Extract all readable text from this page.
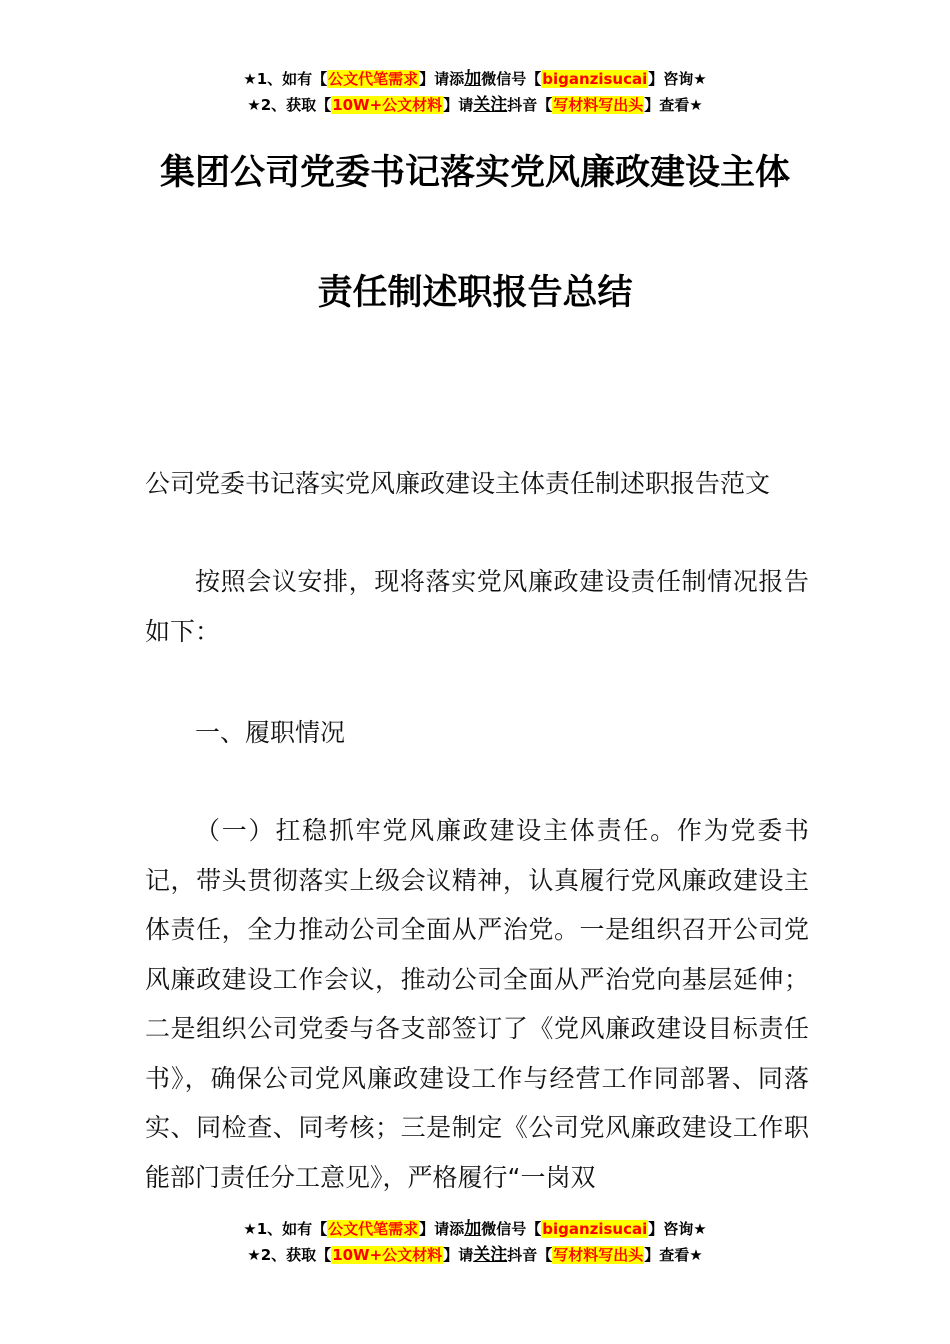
★1、如有【公文代笔需求】请添加微信号【biganzisucai】咨询★
★2、获取【10W+公文材料】请关注抖音【写材料写出头】查看★
集团公司党委书记落实党风廉政建设主体
责任制述职报告总结
公司党委书记落实党风廉政建设主体责任制述职报告范文
按照会议安排，现将落实党风廉政建设责任制情况报告如下：
一、履职情况
（一）扛稳抓牢党风廉政建设主体责任。作为党委书记，带头贯彻落实上级会议精神，认真履行党风廉政建设主体责任，全力推动公司全面从严治党。一是组织召开公司党风廉政建设工作会议，推动公司全面从严治党向基层延伸；二是组织公司党委与各支部签订了《党风廉政建设目标责任书》，确保公司党风廉政建设工作与经营工作同部署、同落实、同检查、同考核；三是制定《公司党风廉政建设工作职能部门责任分工意见》，严格履行“一岗双
★1、如有【公文代笔需求】请添加微信号【biganzisucai】咨询★
★2、获取【10W+公文材料】请关注抖音【写材料写出头】查看★
